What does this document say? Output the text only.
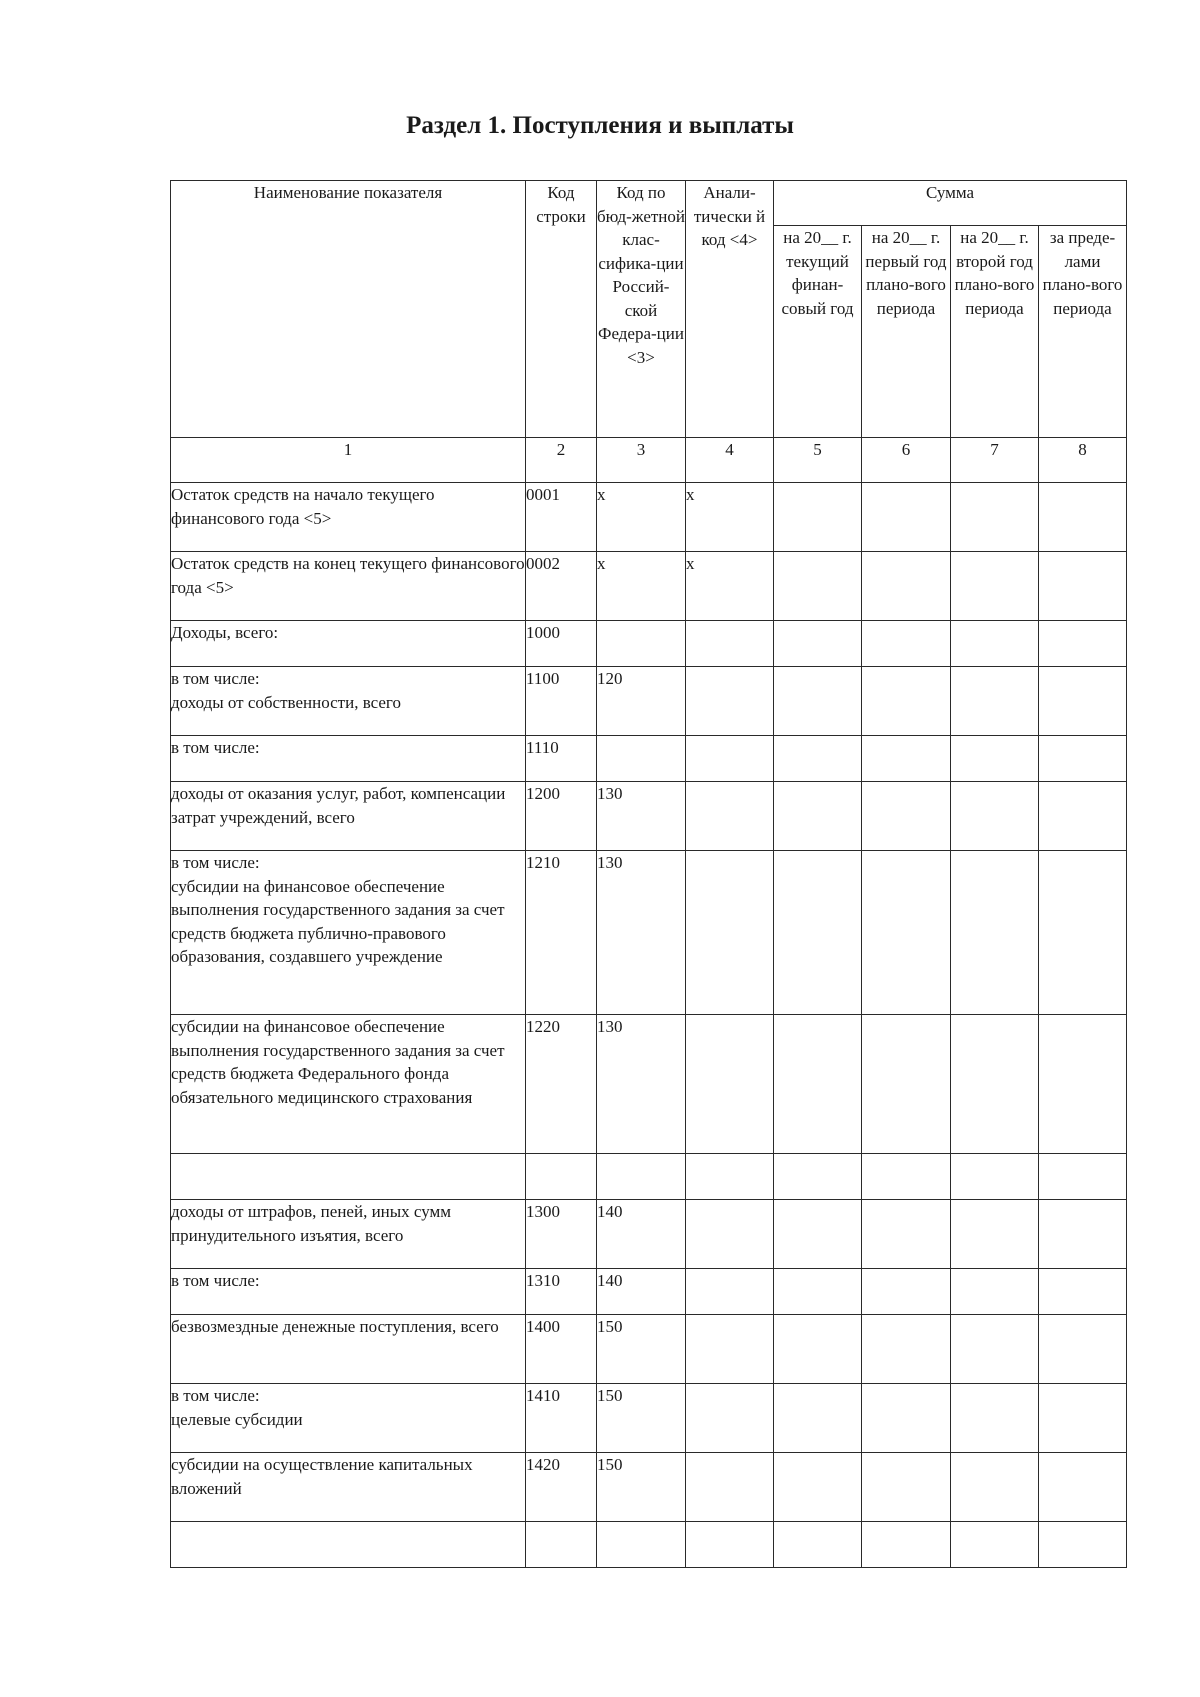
Раздел 1. Поступления и выплаты
Наименование показателя	Код строки	Код по бюд-жетной клас-сифика-ции Россий-ской Федера-ции <3>	Анали-тически й код <4>	Сумма			
				на 20__ г. текущий финан-совый год	на 20__ г. первый год плано-вого периода	на 20__ г. второй год плано-вого периода	за преде-лами плано-вого периода
1	2	3	4	5	6	7	8
Остаток средств на начало текущего финансового года <5>	0001	x	x				
Остаток средств на конец текущего финансового года <5>	0002	x	x				
Доходы, всего:	1000						
в том числе:
доходы от собственности, всего	1100	120					
в том числе:	1110						
доходы от оказания услуг, работ, компенсации затрат учреждений, всего	1200	130					
в том числе:
субсидии на финансовое обеспечение выполнения государственного задания за счет средств бюджета публично-правового образования, создавшего учреждение	1210	130					
субсидии на финансовое обеспечение выполнения государственного задания за счет средств бюджета Федерального фонда обязательного медицинского страхования	1220	130					

доходы от штрафов, пеней, иных сумм принудительного изъятия, всего	1300	140					
в том числе:	1310	140					
безвозмездные денежные поступления, всего	1400	150					
в том числе:
целевые субсидии	1410	150					
субсидии на осуществление капитальных вложений	1420	150					
